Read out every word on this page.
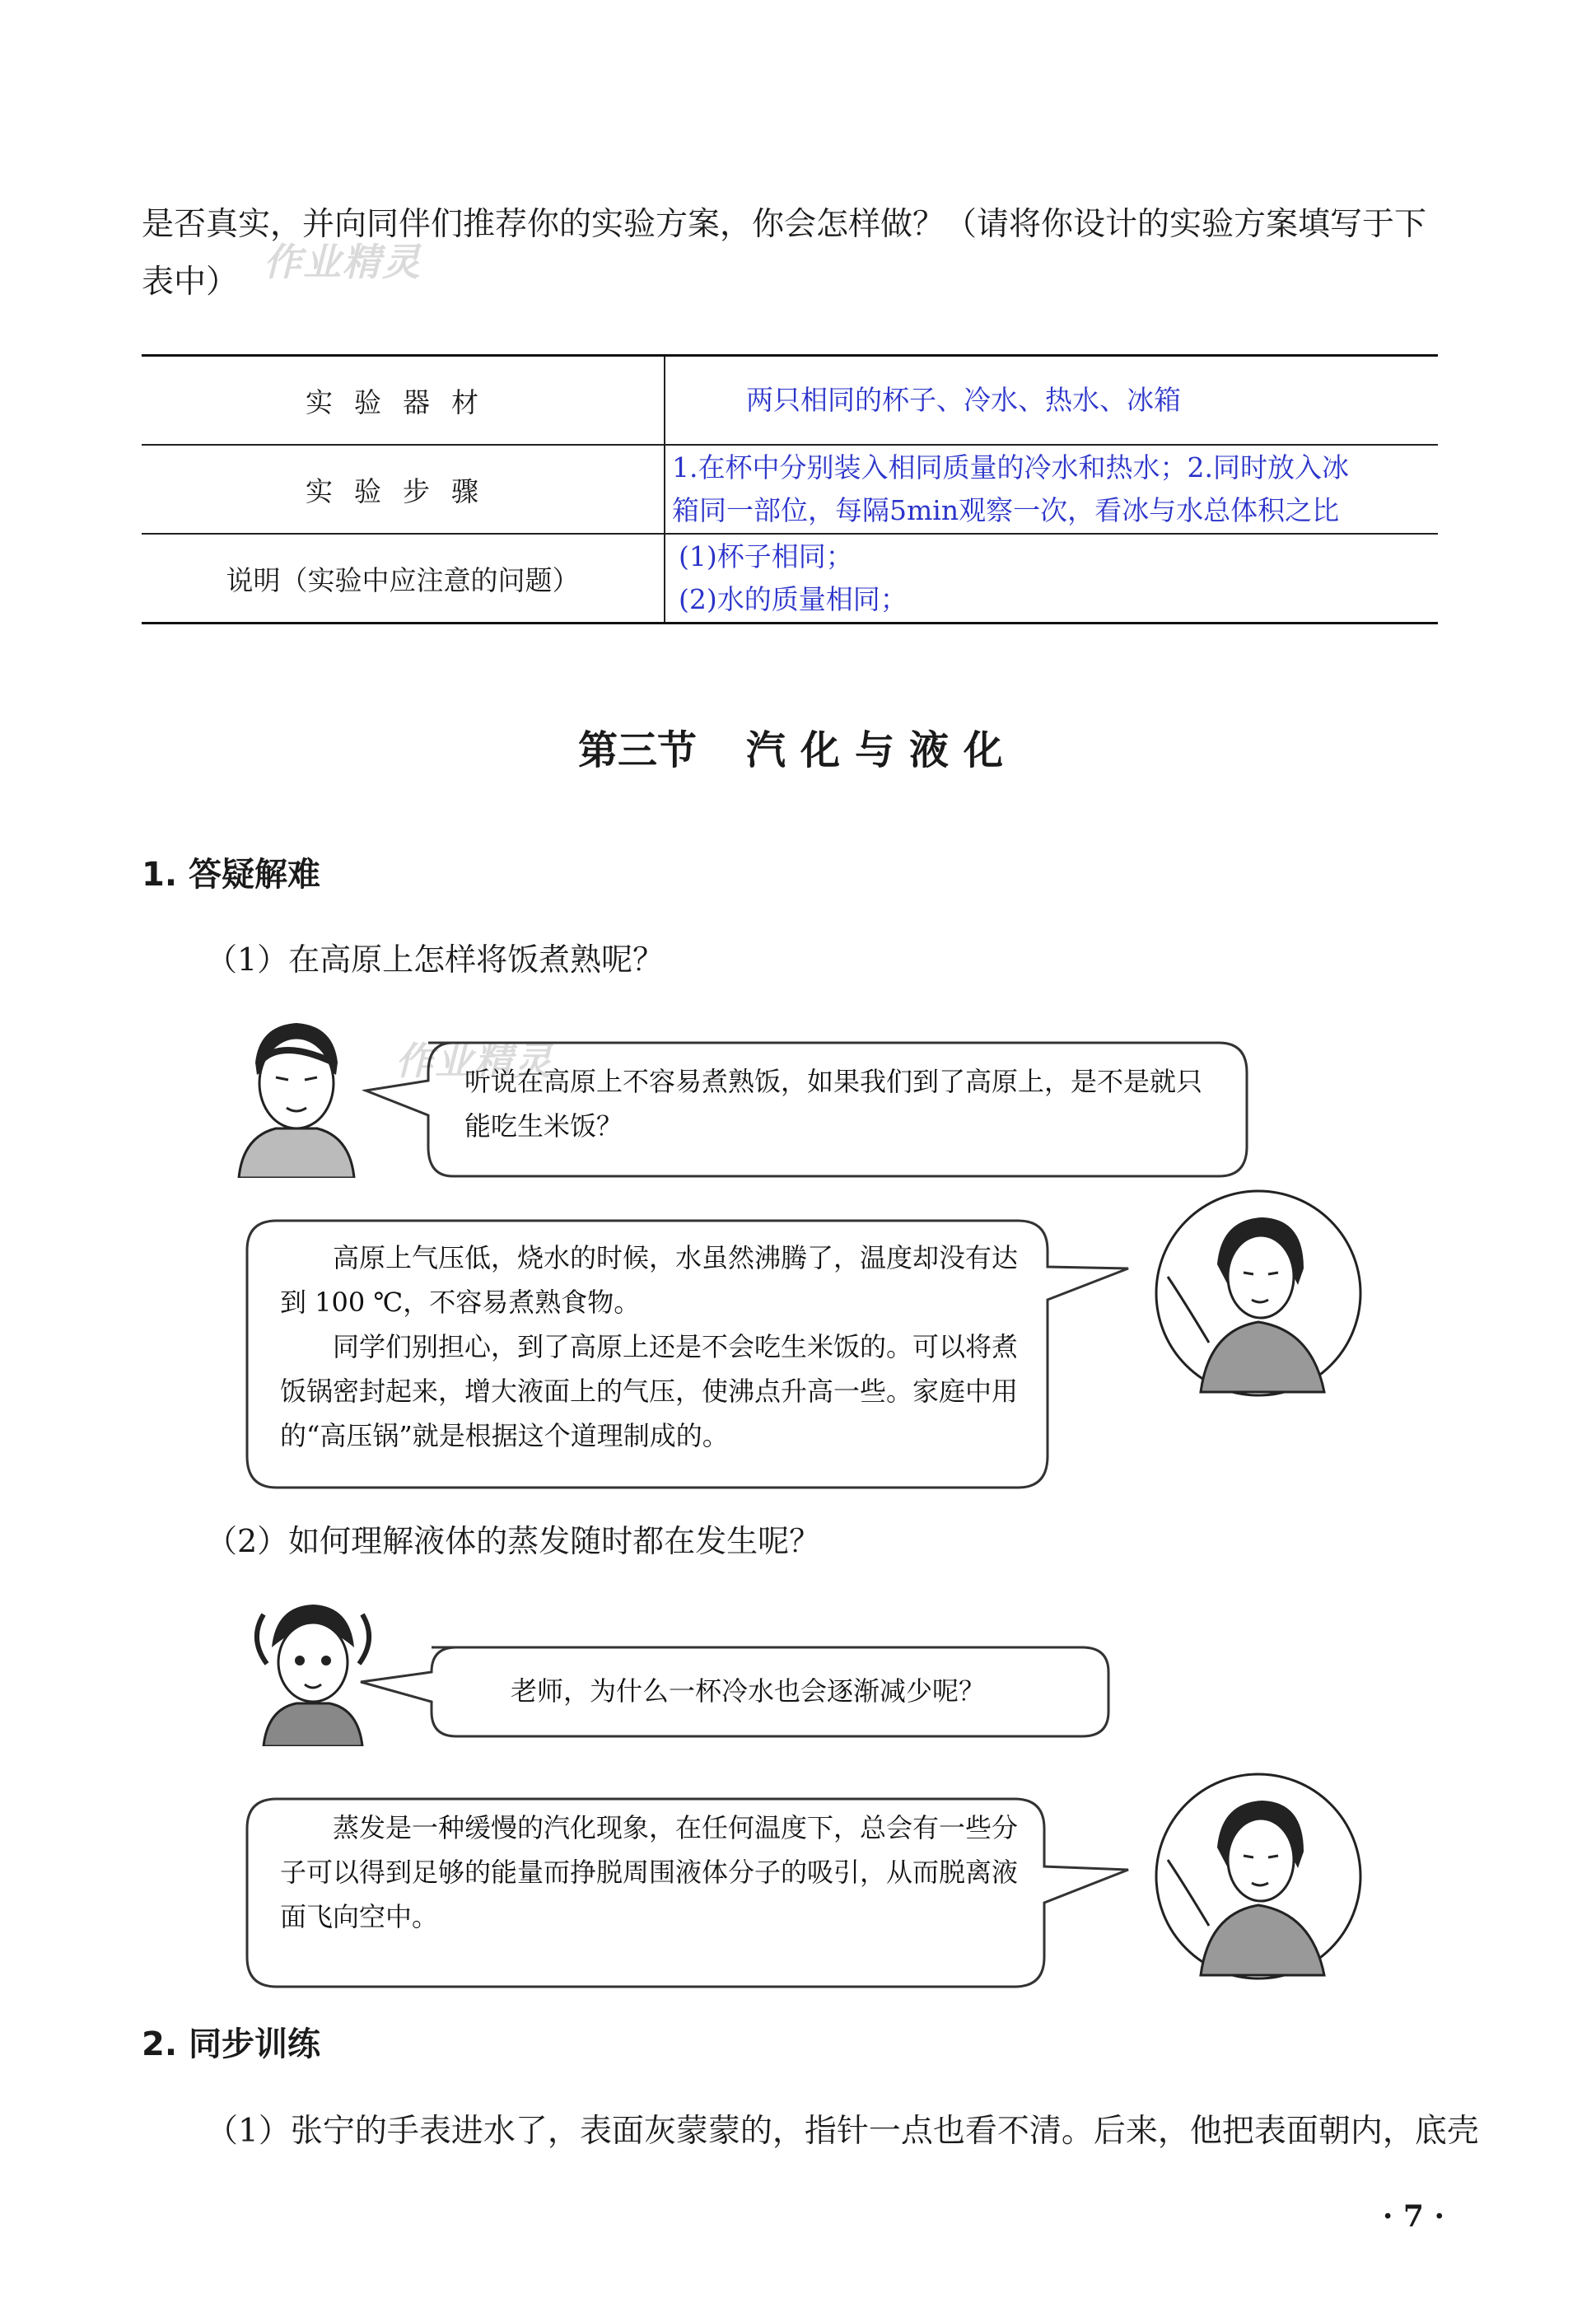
是否真实，并向同伴们推荐你的实验方案，你会怎样做？（请将你设计的实验方案填写于下
表中） 作业精灵
实验器材	两只相同的杯子、冷水、热水、冰箱

实验步骤	1.在杯中分别装入相同质量的冷水和热水；2.同时放入冰
箱同一部位，每隔5min观察一次，看冰与水总体积之比

说明（实验中应注意的问题）	(1)杯子相同；
(2)水的质量相同；
第三节 汽化与液化
1. 答疑解难
（1）在高原上怎样将饭煮熟呢？
作业精灵
听说在高原上不容易煮熟饭，如果我们到了高原上，是不是就只能吃生米饭？

高原上气压低，烧水的时候，水虽然沸腾了，温度却没有达到 100 ℃，不容易煮熟食物。

同学们别担心，到了高原上还是不会吃生米饭的。可以将煮饭锅密封起来，增大液面上的气压，使沸点升高一些。家庭中用的“高压锅”就是根据这个道理制成的。

（2）如何理解液体的蒸发随时都在发生呢？
老师，为什么一杯冷水也会逐渐减少呢？

蒸发是一种缓慢的汽化现象，在任何温度下，总会有一些分子可以得到足够的能量而挣脱周围液体分子的吸引，从而脱离液面飞向空中。

2. 同步训练
（1）张宁的手表进水了，表面灰蒙蒙的，指针一点也看不清。后来，他把表面朝内，底壳
· 7 ·
